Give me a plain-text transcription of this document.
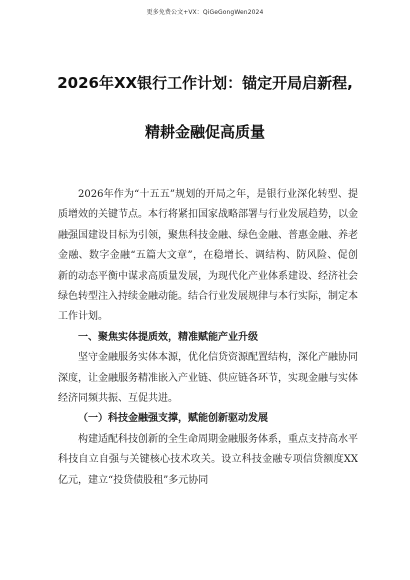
更多免费公文+VX：QiGeGongWen2024
2026年XX银行工作计划：锚定开局启新程,
精耕金融促高质量

2026年作为“十五五”规划的开局之年，是银行业深化转型、提质增效的关键节点。本行将紧扣国家战略部署与行业发展趋势，以金融强国建设目标为引领，聚焦科技金融、绿色金融、普惠金融、养老金融、数字金融“五篇大文章”，在稳增长、调结构、防风险、促创新的动态平衡中谋求高质量发展，为现代化产业体系建设、经济社会绿色转型注入持续金融动能。结合行业发展规律与本行实际，制定本工作计划。

一、聚焦实体提质效，精准赋能产业升级

坚守金融服务实体本源，优化信贷资源配置结构，深化产融协同深度，让金融服务精准嵌入产业链、供应链各环节，实现金融与实体经济同频共振、互促共进。

（一）科技金融强支撑，赋能创新驱动发展

构建适配科技创新的全生命周期金融服务体系，重点支持高水平科技自立自强与关键核心技术攻关。设立科技金融专项信贷额度XX亿元，建立“投贷债股租”多元协同
